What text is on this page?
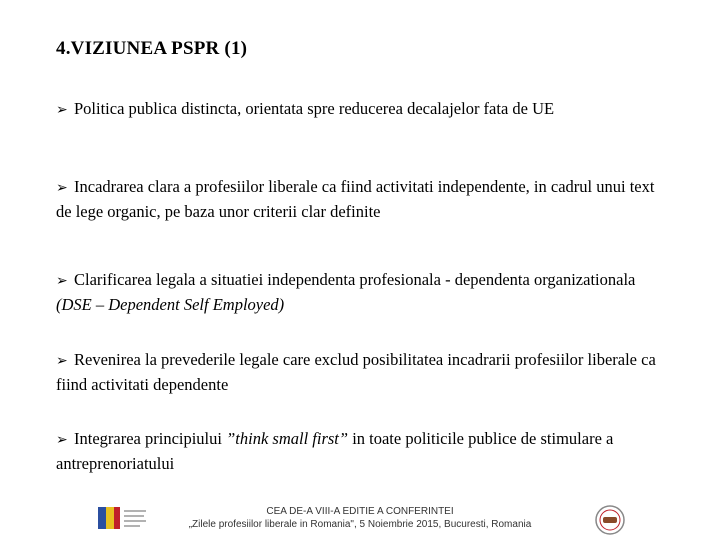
4.VIZIUNEA PSPR (1)
➢ Politica publica distincta, orientata spre reducerea decalajelor fata de UE
➢ Incadrarea clara a profesiilor liberale ca fiind activitati independente, in cadrul unui text de lege organic, pe baza unor criterii clar definite
➢ Clarificarea legala a situatiei independenta profesionala - dependenta organizationala (DSE – Dependent Self Employed)
➢ Revenirea la prevederile legale care exclud posibilitatea incadrarii profesiilor liberale ca fiind activitati dependente
➢ Integrarea principiului ”think small first” in toate politicile publice de stimulare a antreprenoriatului
CEA DE-A VIII-A EDITIE A CONFERINTEI
„Zilele profesiilor liberale in Romania", 5 Noiembrie 2015, Bucuresti, Romania
